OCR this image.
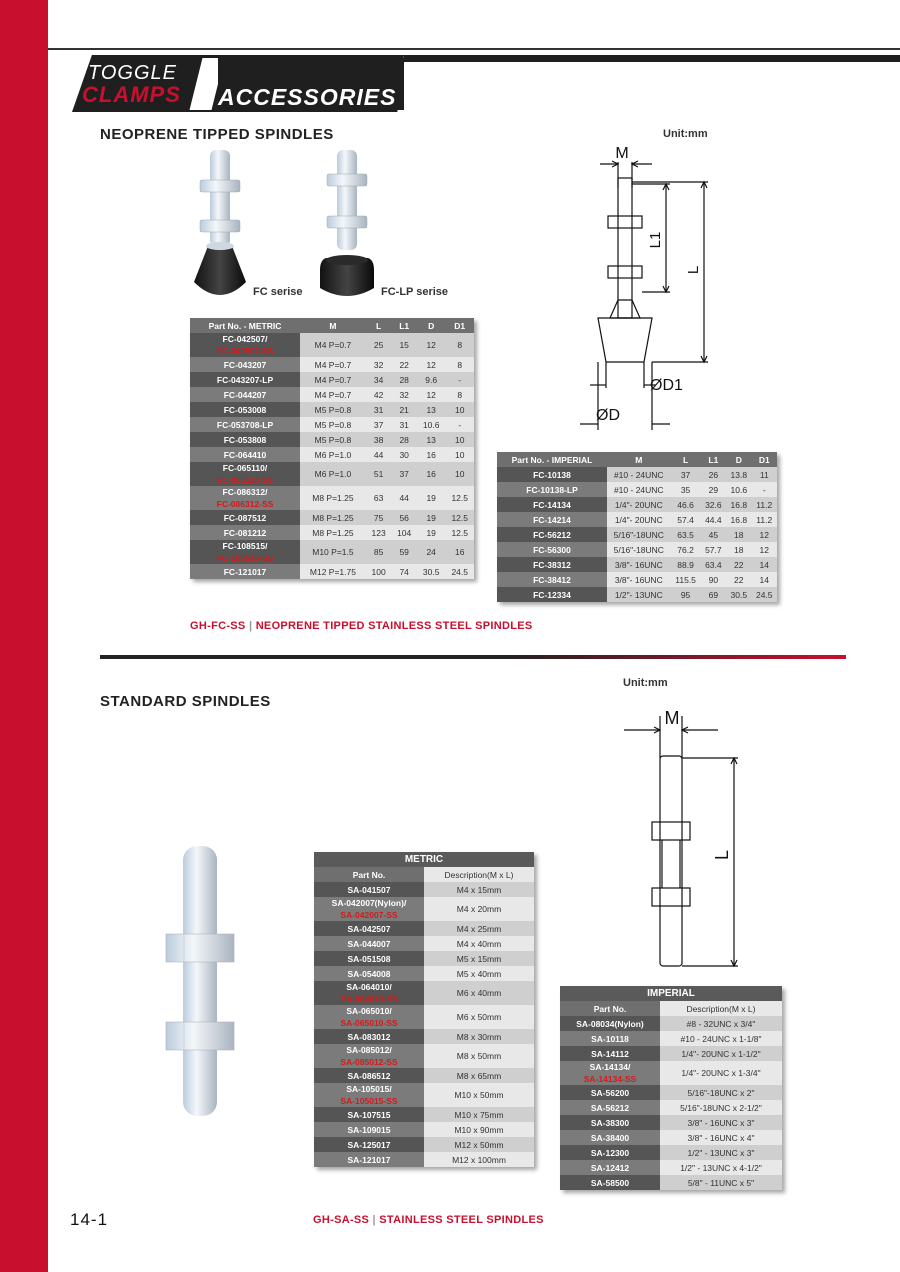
TOGGLE
CLAMPS ACCESSORIES
NEOPRENE TIPPED SPINDLES	Unit:mm
FC serise	FC-LP serise
M
L1
L
ØD1
ØD
Part No. - METRIC	M	L	L1	D	D1

FC-042507/
FC-042507-SS	M4 P=0.7	25	15	12	8

FC-043207	M4 P=0.7	32	22	12	8

FC-043207-LP	M4 P=0.7	34	28	9.6	-

FC-044207	M4 P=0.7	42	32	12	8

FC-053008	M5 P=0.8	31	21	13	10

FC-053708-LP	M5 P=0.8	37	31	10.6	-

FC-053808	M5 P=0.8	38	28	13	10

FC-064410	M6 P=1.0	44	30	16	10

FC-065110/
FC-065110-SS	M6 P=1.0	51	37	16	10

FC-086312/
FC-086312-SS	M8 P=1.25	63	44	19	12.5

FC-087512	M8 P=1.25	75	56	19	12.5

FC-081212	M8 P=1.25	123	104	19	12.5

FC-108515/
FC-108515-SS	M10 P=1.5	85	59	24	16

FC-121017	M12 P=1.75	100	74	30.5	24.5
Part No. - IMPERIAL	M	L	L1	D	D1

FC-10138	#10 - 24UNC	37	26	13.8	11

FC-10138-LP	#10 - 24UNC	35	29	10.6	-

FC-14134	1/4"- 20UNC	46.6	32.6	16.8	11.2

FC-14214	1/4"- 20UNC	57.4	44.4	16.8	11.2

FC-56212	5/16"-18UNC	63.5	45	18	12

FC-56300	5/16"-18UNC	76.2	57.7	18	12

FC-38312	3/8"- 16UNC	88.9	63.4	22	14

FC-38412	3/8"- 16UNC	115.5	90	22	14

FC-12334	1/2"- 13UNC	95	69	30.5	24.5
GH-FC-SS | NEOPRENE TIPPED STAINLESS STEEL SPINDLES
Unit:mm
STANDARD SPINDLES
M
L
METRIC	
Part No.	Description(M x L)

SA-041507	M4 x 15mm

SA-042007(Nylon)/
SA-042007-SS	M4 x 20mm

SA-042507	M4 x 25mm

SA-044007	M4 x 40mm

SA-051508	M5 x 15mm

SA-054008	M5 x 40mm

SA-064010/
SA-064010-SS	M6 x 40mm

SA-065010/
SA-065010-SS	M6 x 50mm

SA-083012	M8 x 30mm

SA-085012/
SA-085012-SS	M8 x 50mm

SA-086512	M8 x 65mm

SA-105015/
SA-105015-SS	M10 x 50mm

SA-107515	M10 x 75mm

SA-109015	M10 x 90mm

SA-125017	M12 x 50mm

SA-121017	M12 x 100mm
IMPERIAL	
Part No.	Description(M x L)

SA-08034(Nylon)	#8 - 32UNC x 3/4"

SA-10118	#10 - 24UNC x 1-1/8"

SA-14112	1/4"- 20UNC x 1-1/2"

SA-14134/
SA-14134-SS	1/4"- 20UNC x 1-3/4"

SA-56200	5/16"-18UNC x 2"

SA-56212	5/16"-18UNC x 2-1/2"

SA-38300	3/8" - 16UNC x 3"

SA-38400	3/8" - 16UNC x 4"

SA-12300	1/2" - 13UNC x 3"

SA-12412	1/2" - 13UNC x 4-1/2"

SA-58500	5/8" - 11UNC x 5"
GH-SA-SS | STAINLESS STEEL SPINDLES
14-1
